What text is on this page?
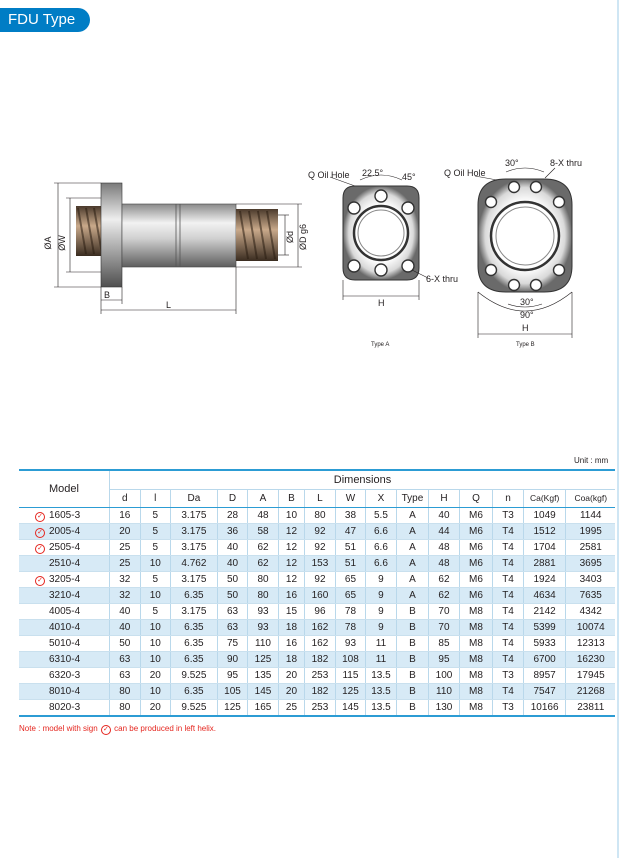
FDU Type
ØA ØW	Ød ØD g6
B
L
Q Oil Hole 22.5° 45°
6-X thru
H
Type A
Q Oil Hole
30°	8-X thru
30°
90°
H
Type B
Unit : mm
Model	Dimensions														
	d	l	Da	D	A	B	L	W	X	Type	H	Q	n	Ca(Kgf)	Coa(kgf)
✓ 1605-3	16	5	3.175	28	48	10	80	38	5.5	A	40	M6	T3	1049	1144
✓ 2005-4	20	5	3.175	36	58	12	92	47	6.6	A	44	M6	T4	1512	1995
✓ 2505-4	25	5	3.175	40	62	12	92	51	6.6	A	48	M6	T4	1704	2581
2510-4	25	10	4.762	40	62	12	153	51	6.6	A	48	M6	T4	2881	3695
✓ 3205-4	32	5	3.175	50	80	12	92	65	9	A	62	M6	T4	1924	3403
3210-4	32	10	6.35	50	80	16	160	65	9	A	62	M6	T4	4634	7635
4005-4	40	5	3.175	63	93	15	96	78	9	B	70	M8	T4	2142	4342
4010-4	40	10	6.35	63	93	18	162	78	9	B	70	M8	T4	5399	10074
5010-4	50	10	6.35	75	110	16	162	93	11	B	85	M8	T4	5933	12313
6310-4	63	10	6.35	90	125	18	182	108	11	B	95	M8	T4	6700	16230
6320-3	63	20	9.525	95	135	20	253	115	13.5	B	100	M8	T3	8957	17945
8010-4	80	10	6.35	105	145	20	182	125	13.5	B	110	M8	T4	7547	21268
8020-3	80	20	9.525	125	165	25	253	145	13.5	B	130	M8	T3	10166	23811
Note : model with sign ✓ can be produced in left helix.
